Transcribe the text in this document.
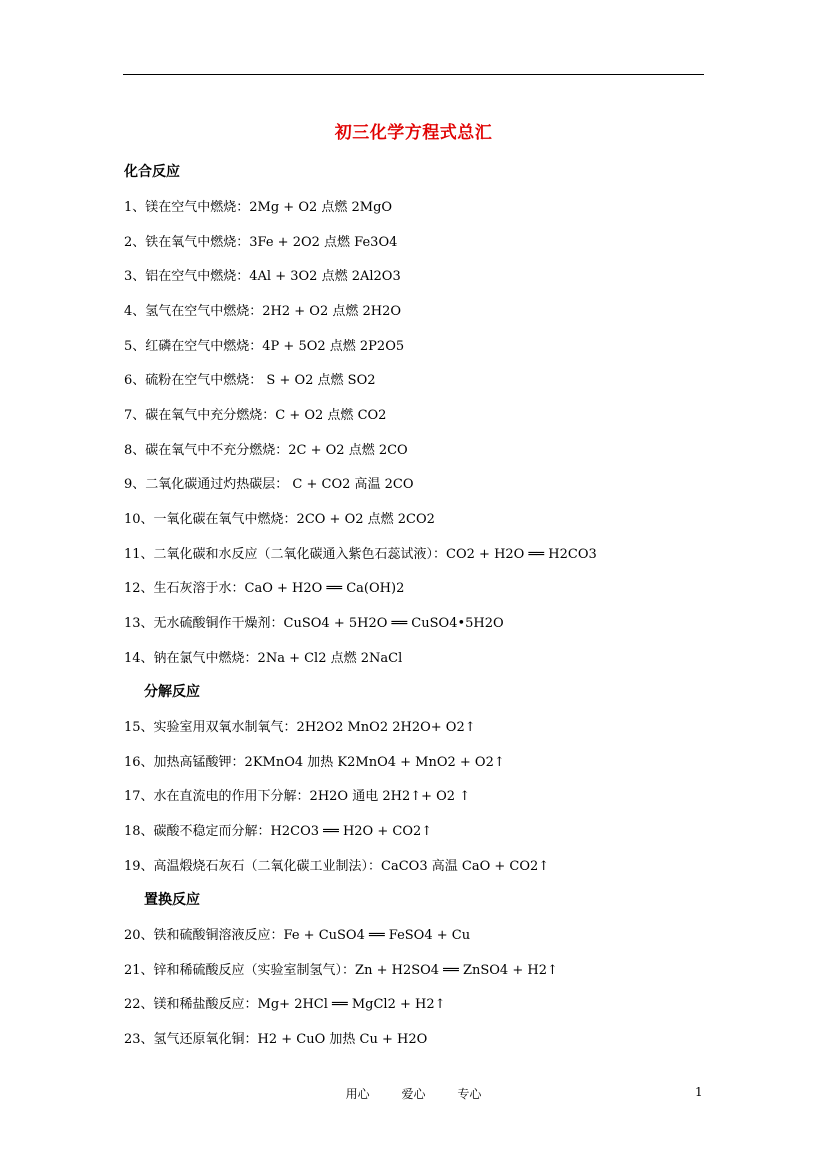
初三化学方程式总汇
化合反应
1、镁在空气中燃烧：2Mg + O2 点燃 2MgO
2、铁在氧气中燃烧：3Fe + 2O2 点燃 Fe3O4
3、铝在空气中燃烧：4Al + 3O2 点燃 2Al2O3
4、氢气在空气中燃烧：2H2 + O2 点燃 2H2O
5、红磷在空气中燃烧：4P + 5O2 点燃 2P2O5
6、硫粉在空气中燃烧： S + O2 点燃 SO2
7、碳在氧气中充分燃烧：C + O2 点燃 CO2
8、碳在氧气中不充分燃烧：2C + O2 点燃 2CO
9、二氧化碳通过灼热碳层： C + CO2 高温 2CO
10、一氧化碳在氧气中燃烧：2CO + O2 点燃 2CO2
11、二氧化碳和水反应（二氧化碳通入紫色石蕊试液）：CO2 + H2O ══ H2CO3
12、生石灰溶于水：CaO + H2O ══ Ca(OH)2
13、无水硫酸铜作干燥剂：CuSO4 + 5H2O ══ CuSO4•5H2O
14、钠在氯气中燃烧：2Na + Cl2 点燃 2NaCl
分解反应
15、实验室用双氧水制氧气：2H2O2 MnO2 2H2O+ O2↑
16、加热高锰酸钾：2KMnO4 加热 K2MnO4 + MnO2 + O2↑
17、水在直流电的作用下分解：2H2O 通电 2H2↑+ O2 ↑
18、碳酸不稳定而分解：H2CO3 ══ H2O + CO2↑
19、高温煅烧石灰石（二氧化碳工业制法）：CaCO3 高温 CaO + CO2↑
置换反应
20、铁和硫酸铜溶液反应：Fe + CuSO4 ══ FeSO4 + Cu
21、锌和稀硫酸反应（实验室制氢气）：Zn + H2SO4 ══ ZnSO4 + H2↑
22、镁和稀盐酸反应：Mg+ 2HCl ══ MgCl2 + H2↑
23、氢气还原氧化铜：H2 + CuO 加热 Cu + H2O
用心	爱心	专心	1
